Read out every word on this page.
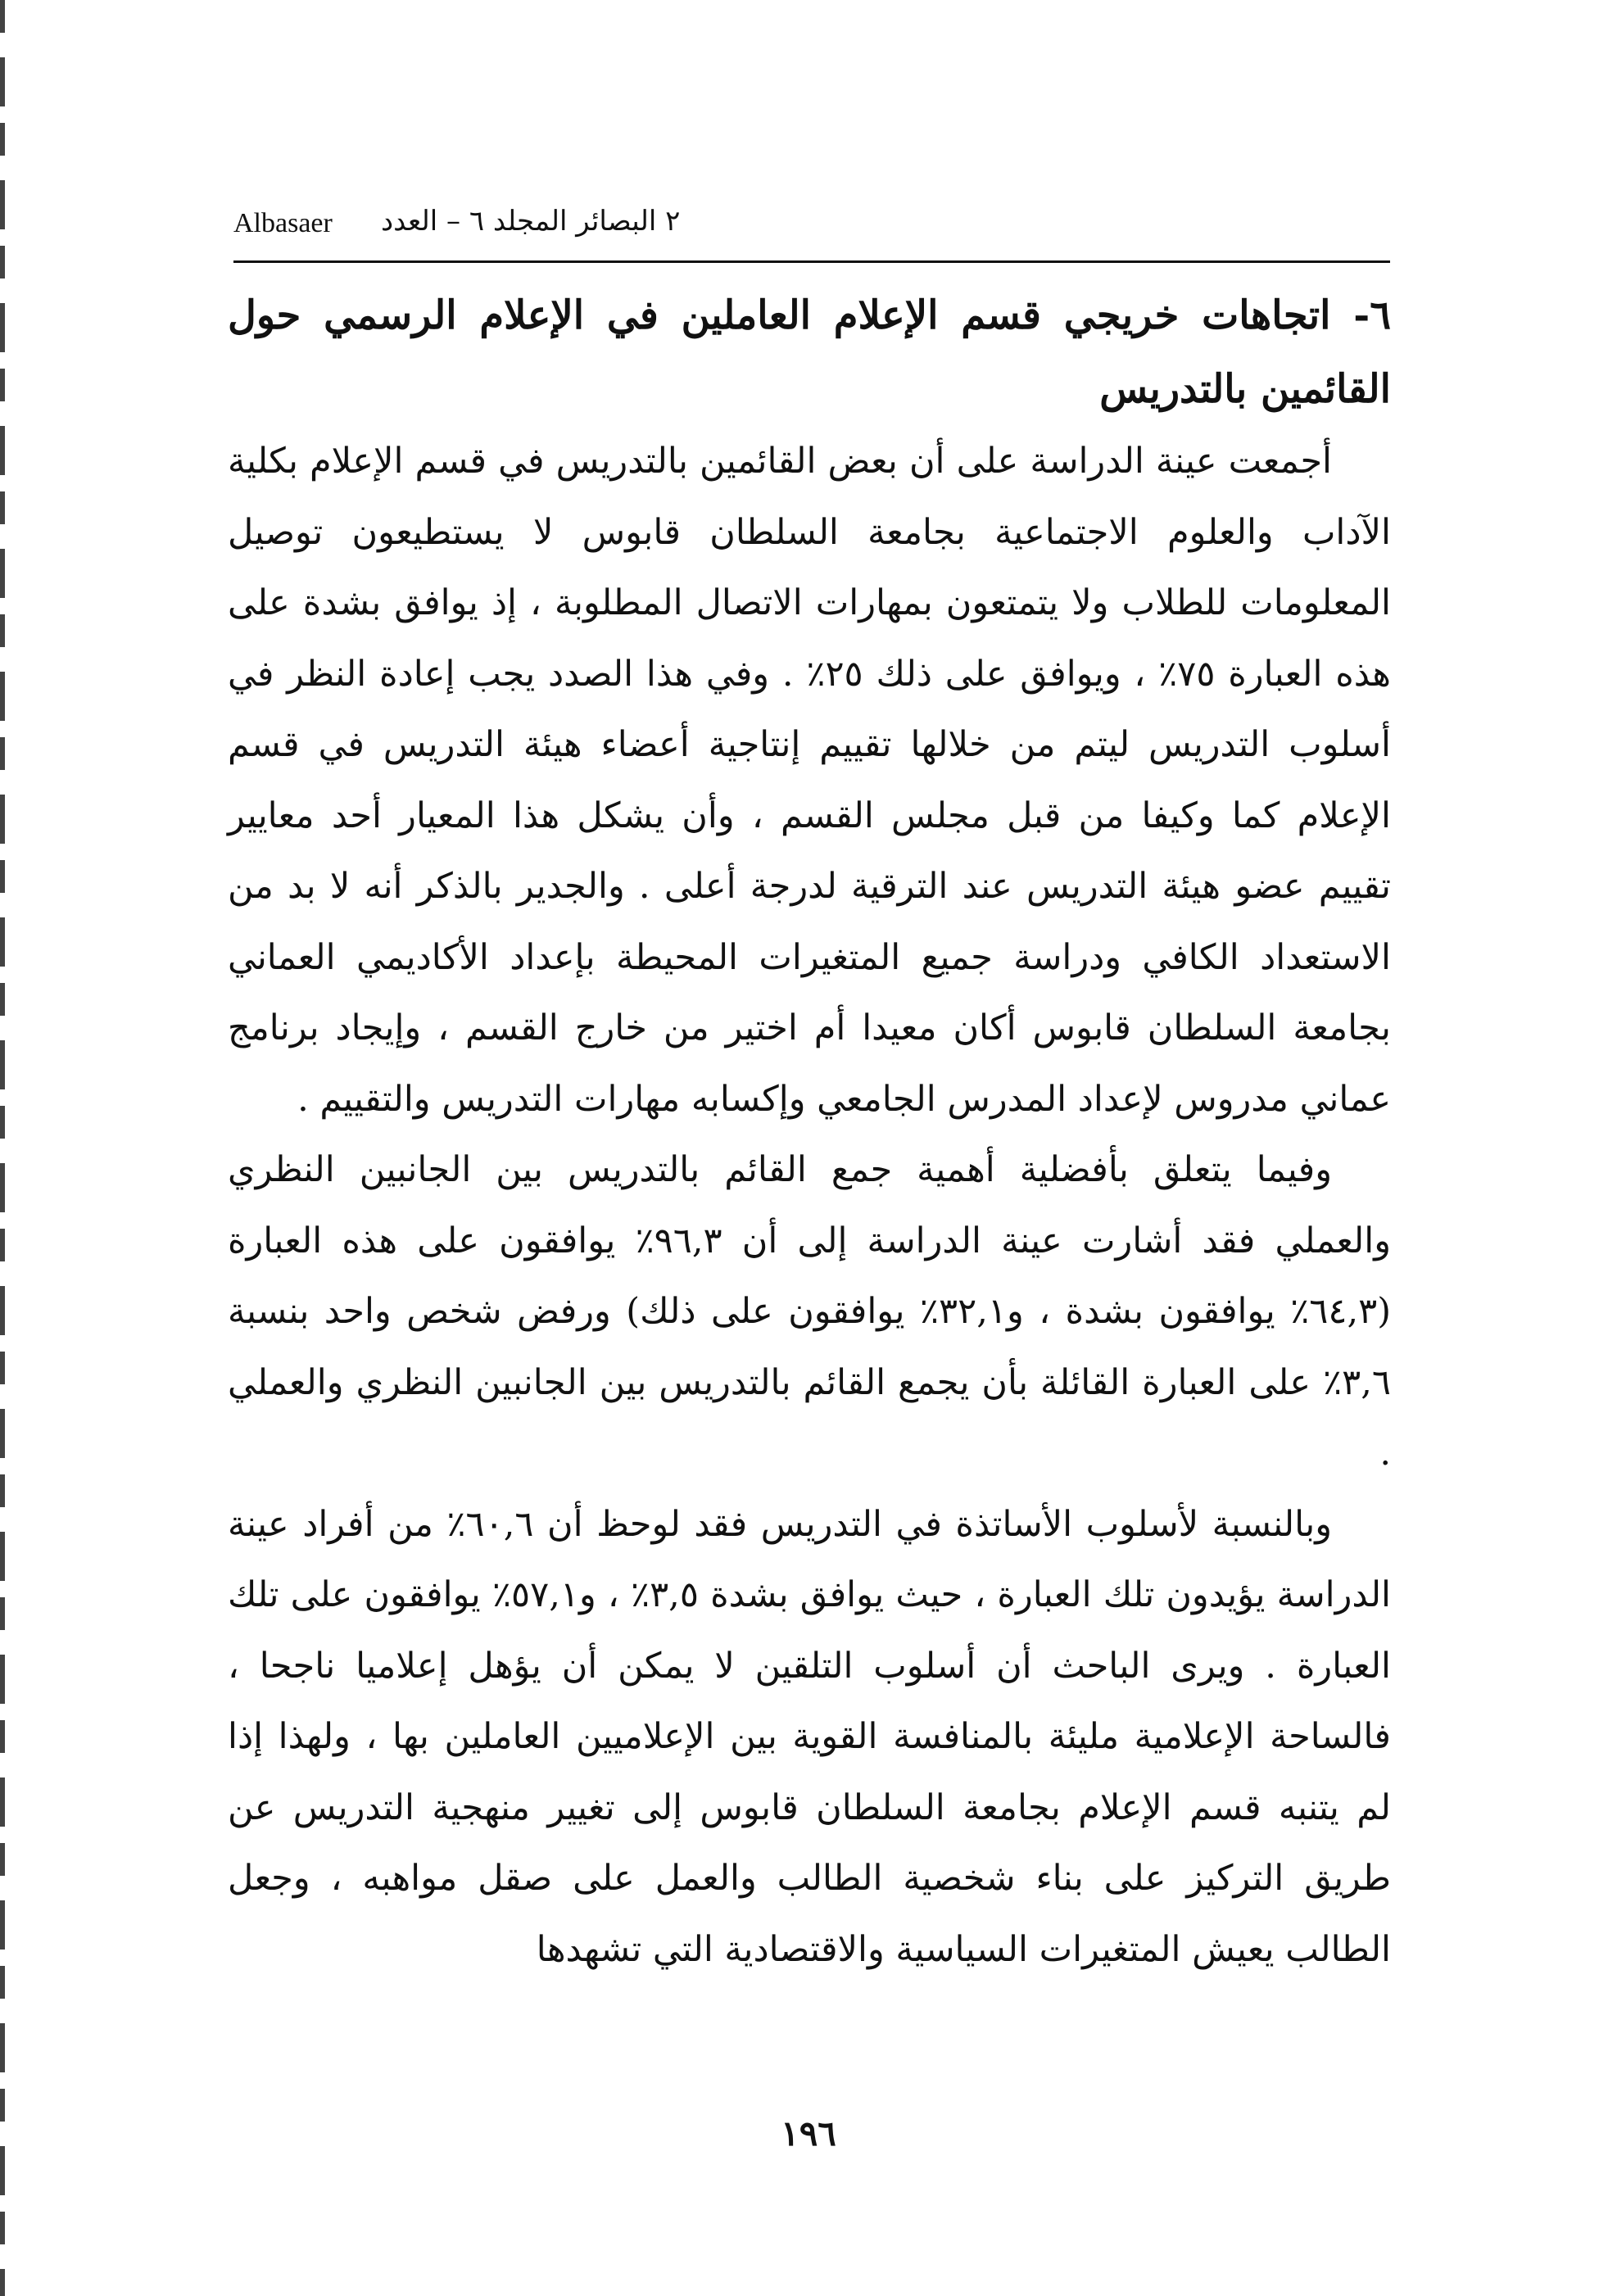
Albasaer ٢ البصائر المجلد ٦ – العدد
٦- اتجاهات خريجي قسم الإعلام العاملين في الإعلام الرسمي حول القائمين بالتدريس

أجمعت عينة الدراسة على أن بعض القائمين بالتدريس في قسم الإعلام بكلية الآداب والعلوم الاجتماعية بجامعة السلطان قابوس لا يستطيعون توصيل المعلومات للطلاب ولا يتمتعون بمهارات الاتصال المطلوبة ، إذ يوافق بشدة على هذه العبارة ٧٥٪ ، ويوافق على ذلك ٢٥٪ . وفي هذا الصدد يجب إعادة النظر في أسلوب التدريس ليتم من خلالها تقييم إنتاجية أعضاء هيئة التدريس في قسم الإعلام كما وكيفا من قبل مجلس القسم ، وأن يشكل هذا المعيار أحد معايير تقييم عضو هيئة التدريس عند الترقية لدرجة أعلى . والجدير بالذكر أنه لا بد من الاستعداد الكافي ودراسة جميع المتغيرات المحيطة بإعداد الأكاديمي العماني بجامعة السلطان قابوس أكان معيدا أم اختير من خارج القسم ، وإيجاد برنامج عماني مدروس لإعداد المدرس الجامعي وإكسابه مهارات التدريس والتقييم .

وفيما يتعلق بأفضلية أهمية جمع القائم بالتدريس بين الجانبين النظري والعملي فقد أشارت عينة الدراسة إلى أن ٩٦,٣٪ يوافقون على هذه العبارة (٦٤,٣٪ يوافقون بشدة ، و٣٢,١٪ يوافقون على ذلك) ورفض شخص واحد بنسبة ٣,٦٪ على العبارة القائلة بأن يجمع القائم بالتدريس بين الجانبين النظري والعملي .

وبالنسبة لأسلوب الأساتذة في التدريس فقد لوحظ أن ٦٠,٦٪ من أفراد عينة الدراسة يؤيدون تلك العبارة ، حيث يوافق بشدة ٣,٥٪ ، و٥٧,١٪ يوافقون على تلك العبارة . ويرى الباحث أن أسلوب التلقين لا يمكن أن يؤهل إعلاميا ناجحا ، فالساحة الإعلامية مليئة بالمنافسة القوية بين الإعلاميين العاملين بها ، ولهذا إذا لم يتنبه قسم الإعلام بجامعة السلطان قابوس إلى تغيير منهجية التدريس عن طريق التركيز على بناء شخصية الطالب والعمل على صقل مواهبه ، وجعل الطالب يعيش المتغيرات السياسية والاقتصادية التي تشهدها

١٩٦
